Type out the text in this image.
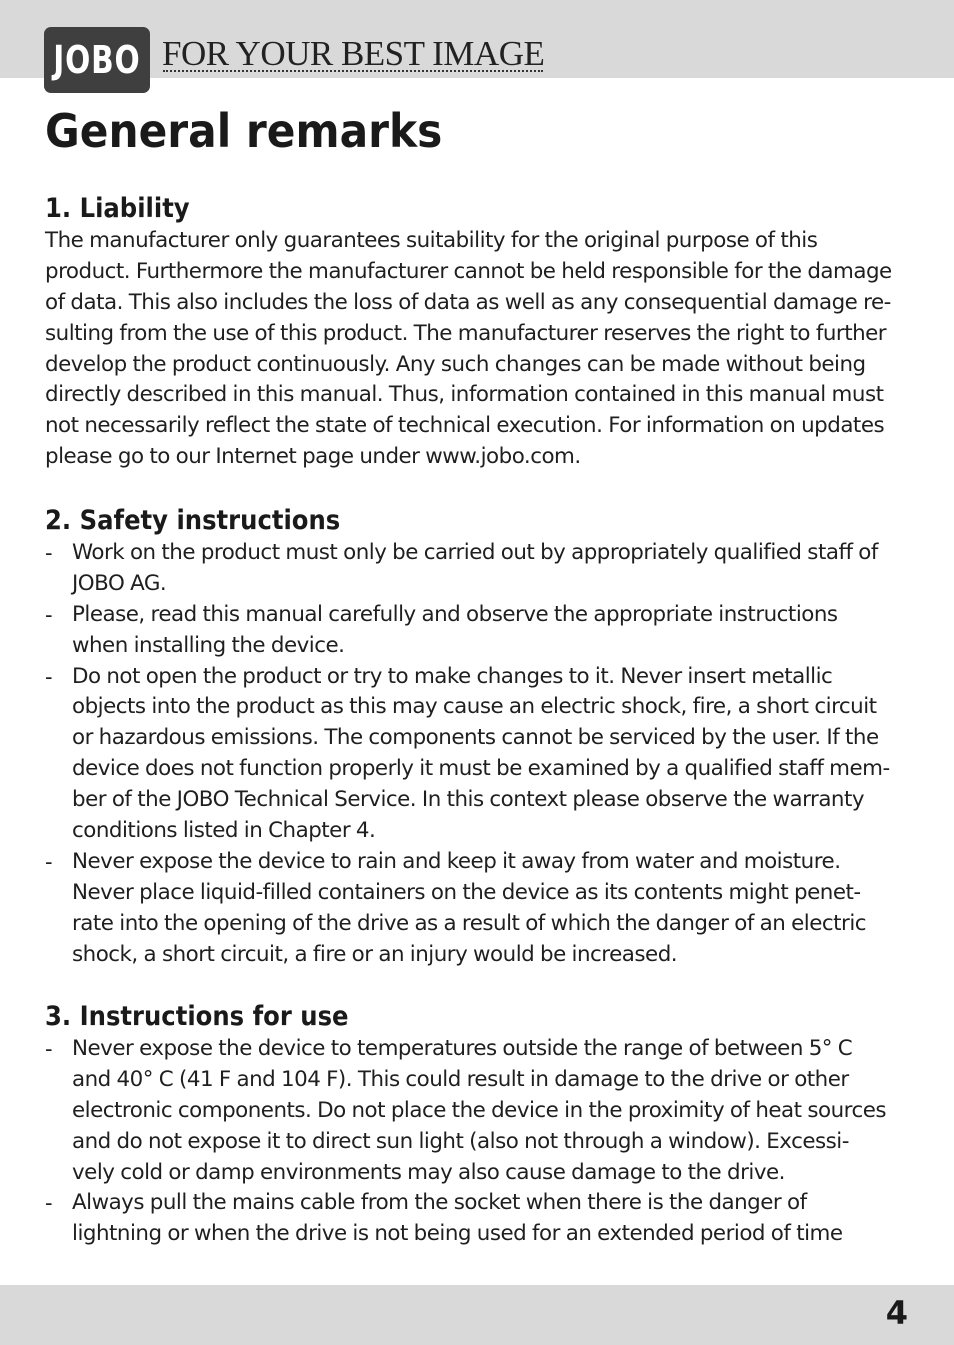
JOBO FOR YOUR BEST IMAGE
General remarks
1. Liability

The manufacturer only guarantees suitability for the original purpose of this
product. Furthermore the manufacturer cannot be held responsible for the damage
of data. This also includes the loss of data as well as any consequential damage re-
sulting from the use of this product. The manufacturer reserves the right to further
develop the product continuously. Any such changes can be made without being
directly described in this manual. Thus, information contained in this manual must
not necessarily reflect the state of technical execution. For information on updates
please go to our Internet page under www.jobo.com.

2. Safety instructions
- Work on the product must only be carried out by appropriately qualified staff of
JOBO AG.
- Please, read this manual carefully and observe the appropriate instructions
when installing the device.
- Do not open the product or try to make changes to it. Never insert metallic
objects into the product as this may cause an electric shock, fire, a short circuit
or hazardous emissions. The components cannot be serviced by the user. If the
device does not function properly it must be examined by a qualified staff mem-
ber of the JOBO Technical Service. In this context please observe the warranty
conditions listed in Chapter 4.
- Never expose the device to rain and keep it away from water and moisture.
Never place liquid-filled containers on the device as its contents might penet-
rate into the opening of the drive as a result of which the danger of an electric
shock, a short circuit, a fire or an injury would be increased.
3. Instructions for use
- Never expose the device to temperatures outside the range of between 5° C
and 40° C (41 F and 104 F). This could result in damage to the drive or other
electronic components. Do not place the device in the proximity of heat sources
and do not expose it to direct sun light (also not through a window). Excessi-
vely cold or damp environments may also cause damage to the drive.
- Always pull the mains cable from the socket when there is the danger of
lightning or when the drive is not being used for an extended period of time
4
